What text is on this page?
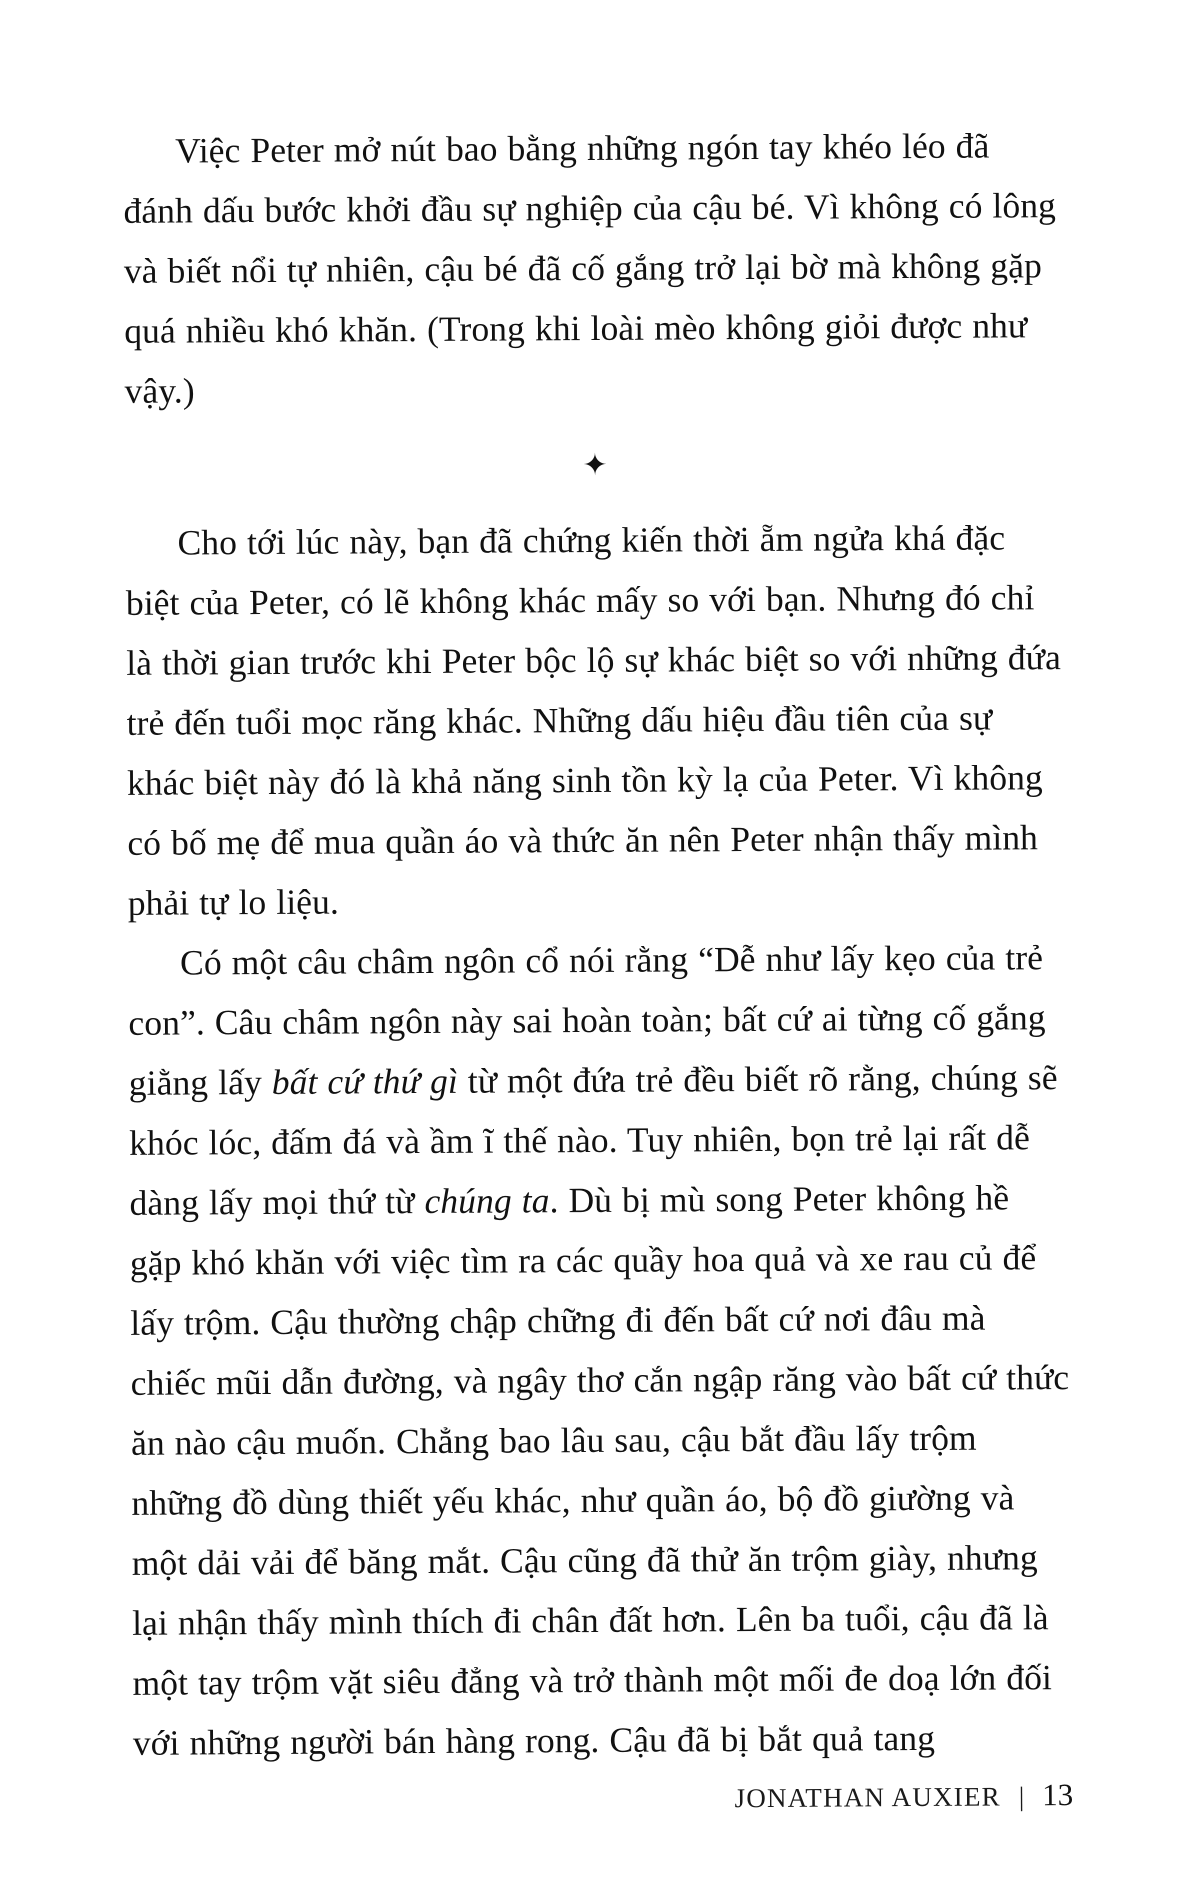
Việc Peter mở nút bao bằng những ngón tay khéo léo đã đánh dấu bước khởi đầu sự nghiệp của cậu bé. Vì không có lông và biết nổi tự nhiên, cậu bé đã cố gắng trở lại bờ mà không gặp quá nhiều khó khăn. (Trong khi loài mèo không giỏi được như vậy.)

✦

Cho tới lúc này, bạn đã chứng kiến thời ẵm ngửa khá đặc biệt của Peter, có lẽ không khác mấy so với bạn. Nhưng đó chỉ là thời gian trước khi Peter bộc lộ sự khác biệt so với những đứa trẻ đến tuổi mọc răng khác. Những dấu hiệu đầu tiên của sự khác biệt này đó là khả năng sinh tồn kỳ lạ của Peter. Vì không có bố mẹ để mua quần áo và thức ăn nên Peter nhận thấy mình phải tự lo liệu.

Có một câu châm ngôn cổ nói rằng “Dễ như lấy kẹo của trẻ con”. Câu châm ngôn này sai hoàn toàn; bất cứ ai từng cố gắng giằng lấy bất cứ thứ gì từ một đứa trẻ đều biết rõ rằng, chúng sẽ khóc lóc, đấm đá và ầm ĩ thế nào. Tuy nhiên, bọn trẻ lại rất dễ dàng lấy mọi thứ từ chúng ta. Dù bị mù song Peter không hề gặp khó khăn với việc tìm ra các quầy hoa quả và xe rau củ để lấy trộm. Cậu thường chập chững đi đến bất cứ nơi đâu mà chiếc mũi dẫn đường, và ngây thơ cắn ngập răng vào bất cứ thức ăn nào cậu muốn. Chẳng bao lâu sau, cậu bắt đầu lấy trộm những đồ dùng thiết yếu khác, như quần áo, bộ đồ giường và một dải vải để băng mắt. Cậu cũng đã thử ăn trộm giày, nhưng lại nhận thấy mình thích đi chân đất hơn. Lên ba tuổi, cậu đã là một tay trộm vặt siêu đẳng và trở thành một mối đe doạ lớn đối với những người bán hàng rong. Cậu đã bị bắt quả tang

JONATHAN AUXIER | 13
